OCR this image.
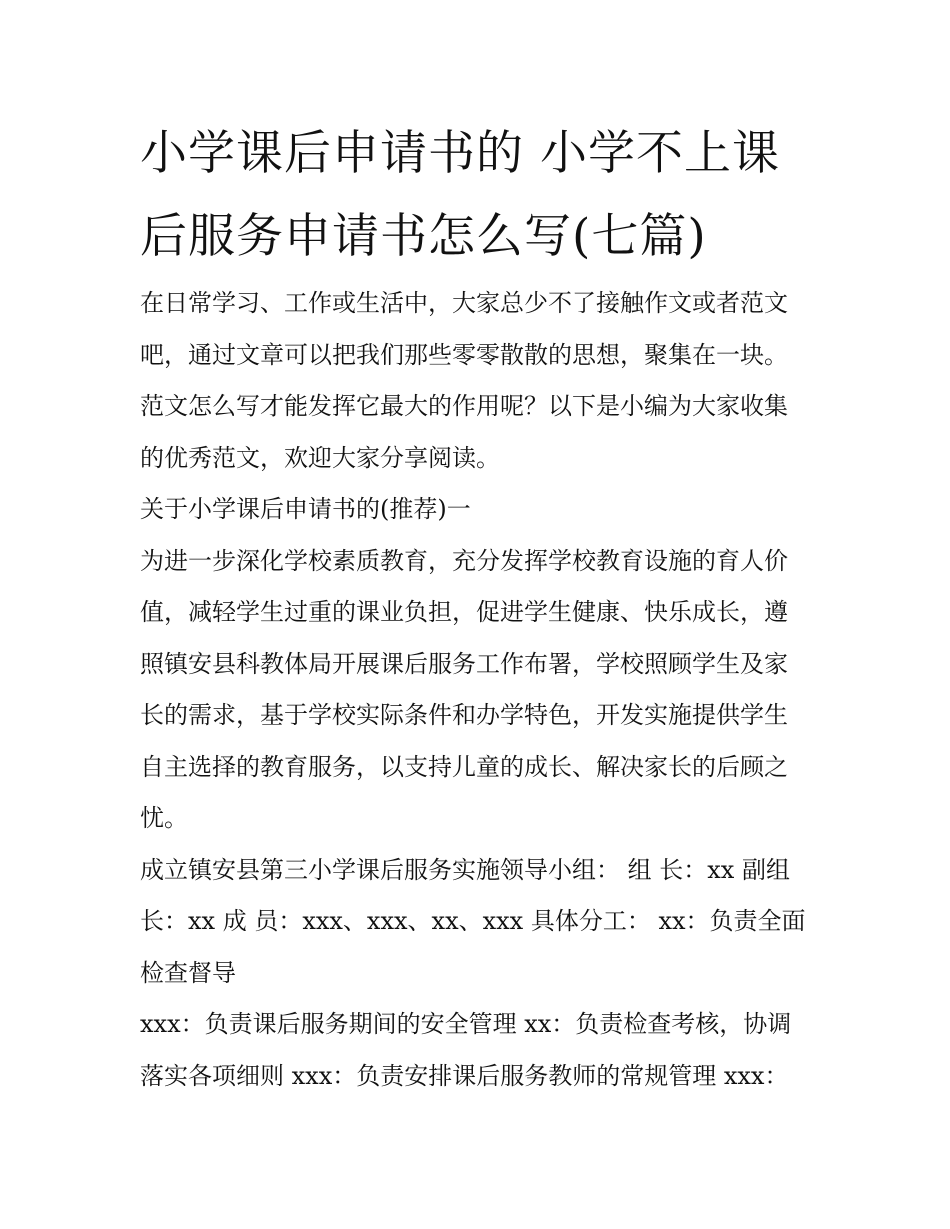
小学课后申请书的 小学不上课
后服务申请书怎么写(七篇)

在日常学习、工作或生活中，大家总少不了接触作文或者范文
吧，通过文章可以把我们那些零零散散的思想，聚集在一块。
范文怎么写才能发挥它最大的作用呢？以下是小编为大家收集
的优秀范文，欢迎大家分享阅读。

关于小学课后申请书的(推荐)一

为进一步深化学校素质教育，充分发挥学校教育设施的育人价
值，减轻学生过重的课业负担，促进学生健康、快乐成长，遵
照镇安县科教体局开展课后服务工作布署，学校照顾学生及家
长的需求，基于学校实际条件和办学特色，开发实施提供学生
自主选择的教育服务，以支持儿童的成长、解决家长的后顾之
忧。

成立镇安县第三小学课后服务实施领导小组： 组 长：xx 副组
长：xx 成 员：xxx、xxx、xx、xxx 具体分工： xx：负责全面
检查督导

xxx：负责课后服务期间的安全管理 xx：负责检查考核，协调
落实各项细则 xxx：负责安排课后服务教师的常规管理 xxx：
